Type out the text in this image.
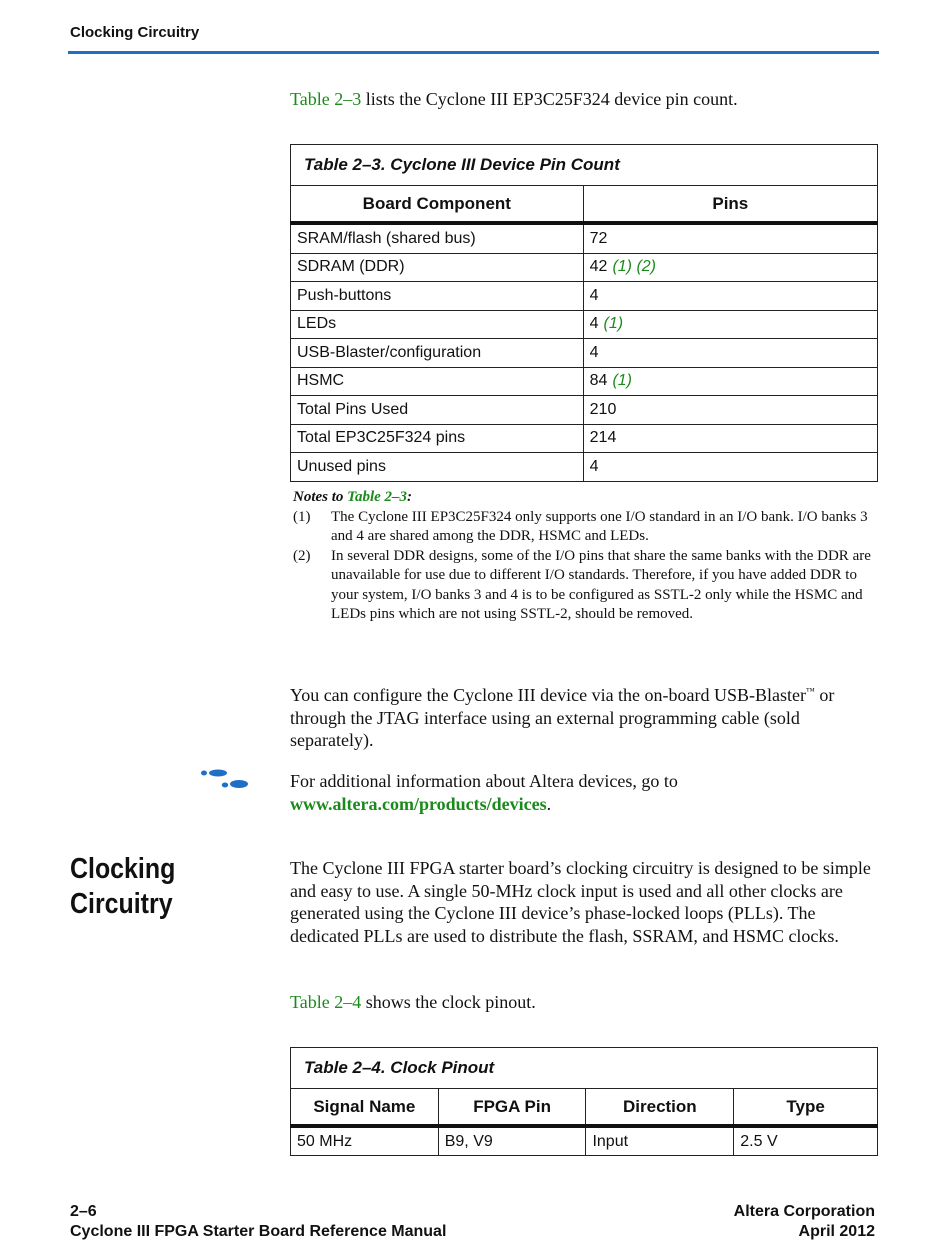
Clocking Circuitry
Table 2–3 lists the Cyclone III EP3C25F324 device pin count.
Table 2–3. Cyclone III Device Pin Count	
Board Component	Pins
SRAM/flash (shared bus)	72
SDRAM (DDR)	42 (1) (2)
Push-buttons	4
LEDs	4 (1)
USB-Blaster/configuration	4
HSMC	84 (1)
Total Pins Used	210
Total EP3C25F324 pins	214
Unused pins	4
Notes to Table 2–3:
(1)	The Cyclone III EP3C25F324 only supports one I/O standard in an I/O bank. I/O banks 3 and 4 are shared among the DDR, HSMC and LEDs.
(2)	In several DDR designs, some of the I/O pins that share the same banks with the DDR are unavailable for use due to different I/O standards. Therefore, if you have added DDR to your system, I/O banks 3 and 4 is to be configured as SSTL-2 only while the HSMC and LEDs pins which are not using SSTL-2, should be removed.
You can configure the Cyclone III device via the on-board USB-Blaster™ or through the JTAG interface using an external programming cable (sold separately).
For additional information about Altera devices, go to
www.altera.com/products/devices.
Clocking
Circuitry
The Cyclone III FPGA starter board’s clocking circuitry is designed to be simple and easy to use. A single 50-MHz clock input is used and all other clocks are generated using the Cyclone III device’s phase-locked loops (PLLs). The dedicated PLLs are used to distribute the flash, SSRAM, and HSMC clocks.
Table 2–4 shows the clock pinout.
Table 2–4. Clock Pinout			
Signal Name	FPGA Pin	Direction	Type
50 MHz	B9, V9	Input	2.5 V
2–6
Cyclone III FPGA Starter Board Reference Manual
Altera Corporation
April 2012
